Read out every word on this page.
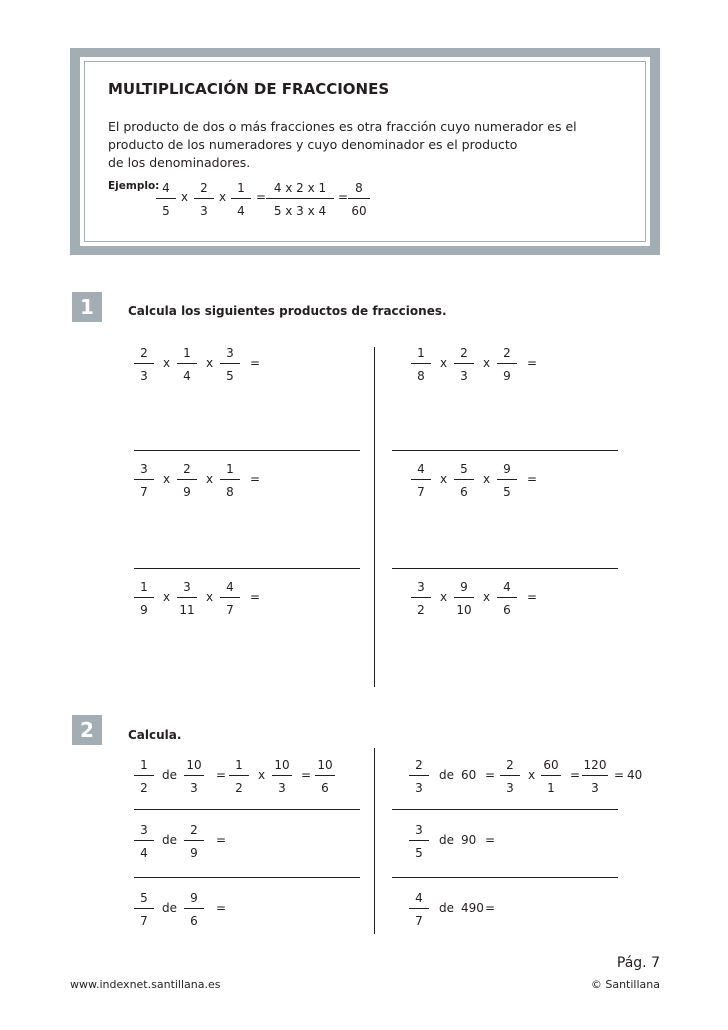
MULTIPLICACIÓN DE FRACCIONES
El producto de dos o más fracciones es otra fracción cuyo numerador es el
producto de los numeradores y cuyo denominador es el producto
de los denominadores.
Ejemplo: 4
5
x
2
3
x
1
4
=
4 x 2 x 1
5 x 3 x 4
=
8
60
1	Calcula los siguientes productos de fracciones.
2
3
x
1
4
x
3
5
=
1
8
x
2
3
x
2
9
=
3
7
x
2
9
x
1
8
=
4
7
x
5
6
x
9
5
=
1
9
x
3
11
x
4
7
=
3
2
x
9
10
x
4
6
=
2	Calcula.
1
2
de
10
3
=
1
2
x
10
3
=
10
6
3
4
de
2
9
=
5
7
de
9
6
=
2
3
de 60 =
2
3
x
60
1
=
120
3
= 40
3
5
de 90 =
4
7
de 490 =
Pág. 7
www.indexnet.santillana.es	© Santillana
